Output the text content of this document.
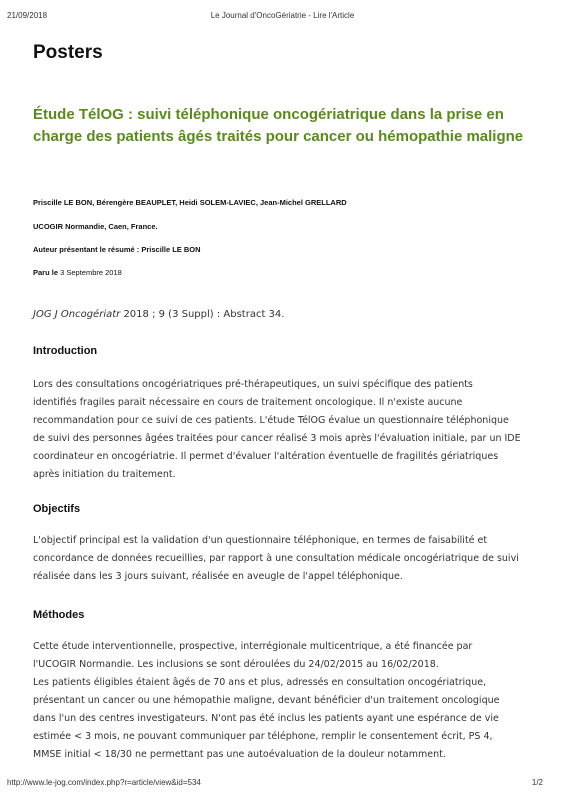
21/09/2018	Le Journal d'OncoGériatrie - Lire l'Article
Posters
Étude TélOG : suivi téléphonique oncogériatrique dans la prise en charge des patients âgés traités pour cancer ou hémopathie maligne
Priscille LE BON, Bérengère BEAUPLET, Heidi SOLEM-LAVIEC, Jean-Michel GRELLARD
UCOGIR Normandie, Caen, France.
Auteur présentant le résumé : Priscille LE BON
Paru le 3 Septembre 2018
JOG J Oncogériatr 2018 ; 9 (3 Suppl) : Abstract 34.
Introduction
Lors des consultations oncogériatriques pré-thérapeutiques, un suivi spécifique des patients
identifiés fragiles parait nécessaire en cours de traitement oncologique. Il n'existe aucune
recommandation pour ce suivi de ces patients. L'étude TélOG évalue un questionnaire téléphonique
de suivi des personnes âgées traitées pour cancer réalisé 3 mois après l'évaluation initiale, par un IDE
coordinateur en oncogériatrie. Il permet d'évaluer l'altération éventuelle de fragilités gériatriques
après initiation du traitement.
Objectifs
L'objectif principal est la validation d'un questionnaire téléphonique, en termes de faisabilité et
concordance de données recueillies, par rapport à une consultation médicale oncogériatrique de suivi
réalisée dans les 3 jours suivant, réalisée en aveugle de l'appel téléphonique.
Méthodes
Cette étude interventionnelle, prospective, interrégionale multicentrique, a été financée par
l'UCOGIR Normandie. Les inclusions se sont déroulées du 24/02/2015 au 16/02/2018.
Les patients éligibles étaient âgés de 70 ans et plus, adressés en consultation oncogériatrique,
présentant un cancer ou une hémopathie maligne, devant bénéficier d'un traitement oncologique
dans l'un des centres investigateurs. N'ont pas été inclus les patients ayant une espérance de vie
estimée < 3 mois, ne pouvant communiquer par téléphone, remplir le consentement écrit, PS 4,
MMSE initial < 18/30 ne permettant pas une autoévaluation de la douleur notamment.
http://www.le-jog.com/index.php?r=article/view&id=534	1/2
